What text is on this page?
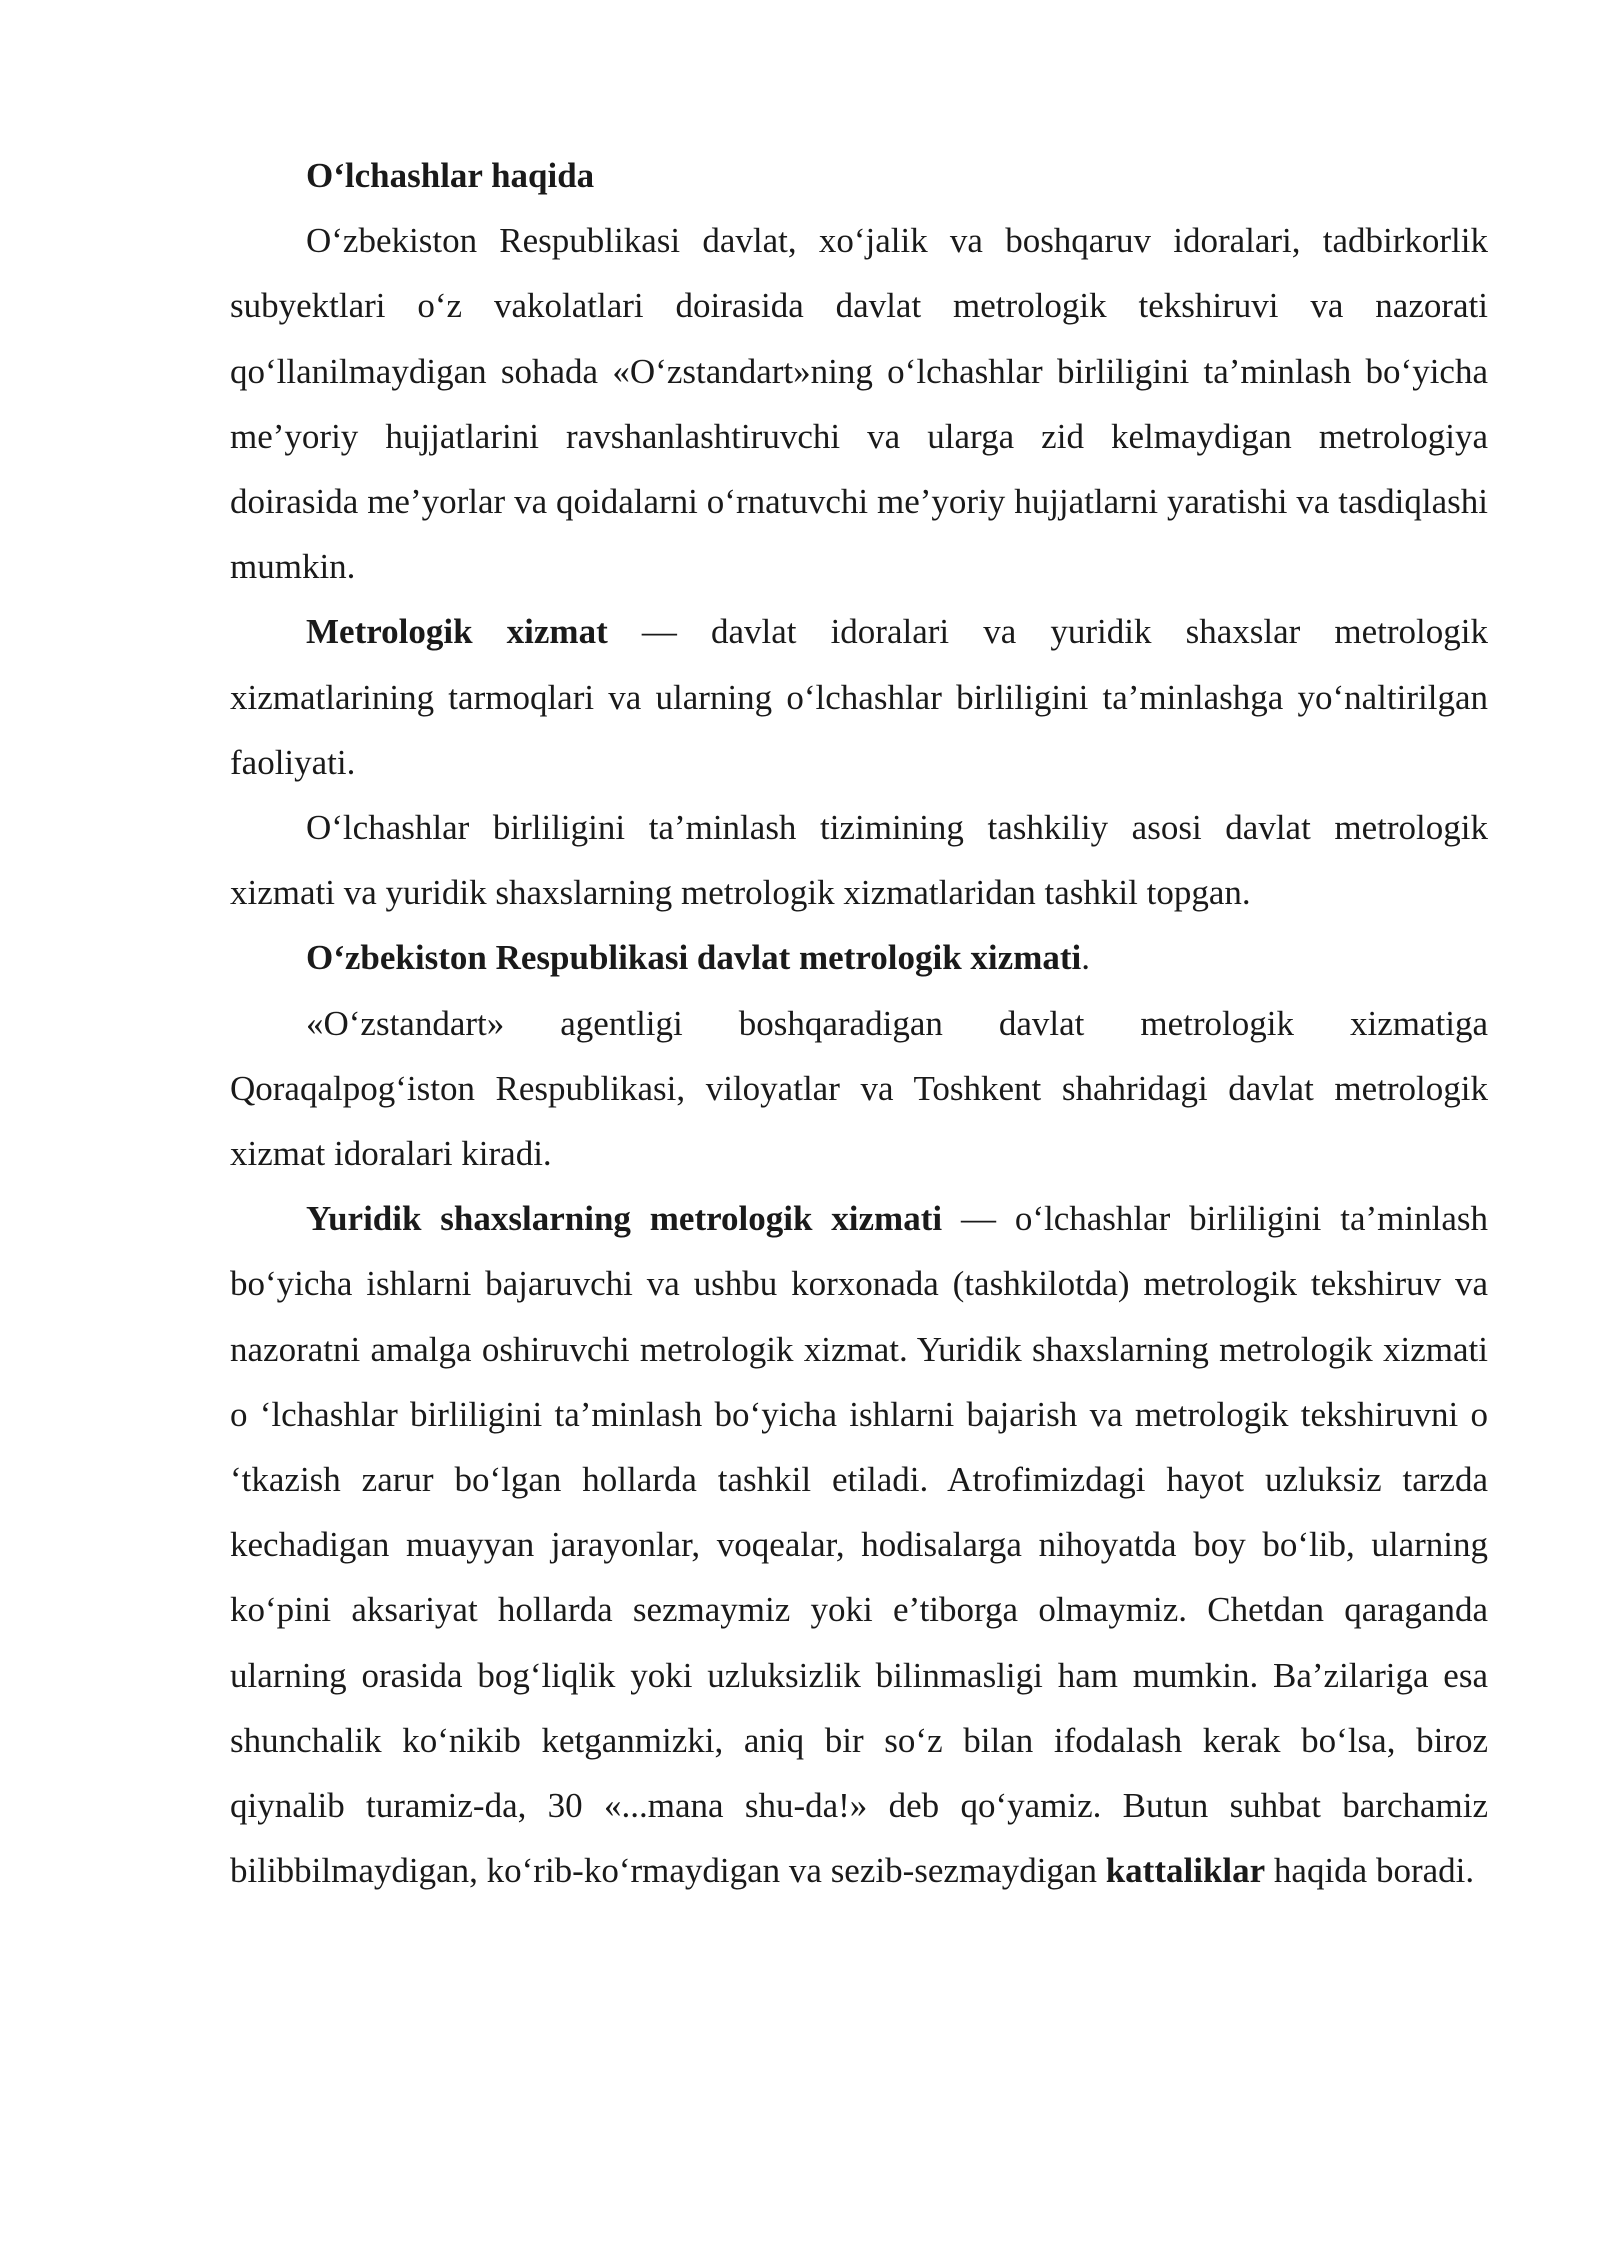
O‘lchashlar haqida

O‘zbekiston Respublikasi davlat, xo‘jalik va boshqaruv idoralari, tadbirkorlik subyektlari o‘z vakolatlari doirasida davlat metrologik tekshiruvi va nazorati qo‘llanilmaydigan sohada «O‘zstandart»ning o‘lchashlar birliligini ta’minlash bo‘yicha me’yoriy hujjatlarini ravshanlashtiruvchi va ularga zid kelmaydigan metrologiya doirasida me’yorlar va qoidalarni o‘rnatuvchi me’yoriy hujjatlarni yaratishi va tasdiqlashi mumkin.

Metrologik xizmat — davlat idoralari va yuridik shaxslar metrologik xizmatlarining tarmoqlari va ularning o‘lchashlar birliligini ta’minlashga yo‘naltirilgan faoliyati.

O‘lchashlar birliligini ta’minlash tizimining tashkiliy asosi davlat metrologik xizmati va yuridik shaxslarning metrologik xizmatlaridan tashkil topgan.

O‘zbekiston Respublikasi davlat metrologik xizmati.

«O‘zstandart» agentligi boshqaradigan davlat metrologik xizmatiga Qoraqalpog‘iston Respublikasi, viloyatlar va Toshkent shahridagi davlat metrologik xizmat idoralari kiradi.

Yuridik shaxslarning metrologik xizmati — o‘lchashlar birliligini ta’minlash bo‘yicha ishlarni bajaruvchi va ushbu korxonada (tashkilotda) metrologik tekshiruv va nazoratni amalga oshiruvchi metrologik xizmat. Yuridik shaxslarning metrologik xizmati o ‘lchashlar birliligini ta’minlash bo‘yicha ishlarni bajarish va metrologik tekshiruvni o ‘tkazish zarur bo‘lgan hollarda tashkil etiladi. Atrofimizdagi hayot uzluksiz tarzda kechadigan muayyan jarayonlar, voqealar, hodisalarga nihoyatda boy bo‘lib, ularning ko‘pini aksariyat hollarda sezmaymiz yoki e’tiborga olmaymiz. Chetdan qaraganda ularning orasida bog‘liqlik yoki uzluksizlik bilinmasligi ham mumkin. Ba’zilariga esa shunchalik ko‘nikib ketganmizki, aniq bir so‘z bilan ifodalash kerak bo‘lsa, biroz qiynalib turamiz-da, 30 «...mana shu-da!» deb qo‘yamiz. Butun suhbat barchamiz bilibbilmaydigan, ko‘rib-ko‘rmaydigan va sezib-sezmaydigan kattaliklar haqida boradi.
